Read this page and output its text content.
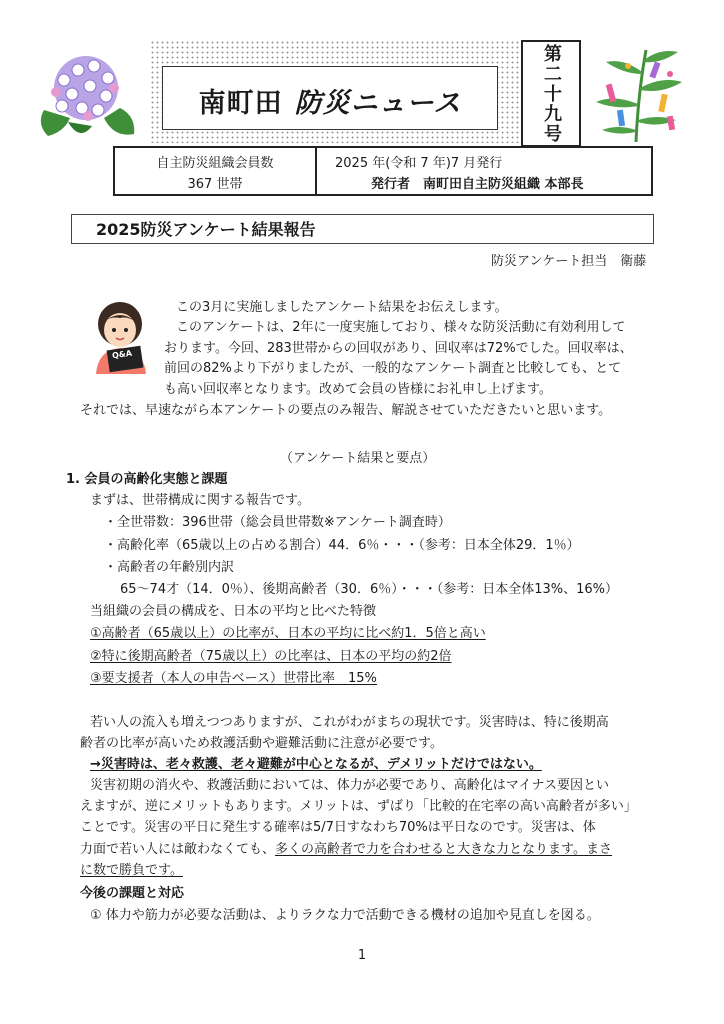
南町田 防災ニュース	第二十九号
自主防災組織会員数
367 世帯
2025 年(令和 7 年)7 月発行
発行者　南町田自主防災組織 本部長
2025防災アンケート結果報告
防災アンケート担当　衛藤
Q&A
この3月に実施しましたアンケート結果をお伝えします。
このアンケートは、2年に一度実施しており、様々な防災活動に有効利用して
おります。今回、283世帯からの回収があり、回収率は72%でした。回収率は、
前回の82%より下がりましたが、一般的なアンケート調査と比較しても、とて
も高い回収率となります。改めて会員の皆様にお礼申し上げます。
それでは、早速ながら本アンケートの要点のみ報告、解説させていただきたいと思います。
（アンケート結果と要点）
1. 会員の高齢化実態と課題
まずは、世帯構成に関する報告です。
・全世帯数：396世帯（総会員世帯数※アンケート調査時）
・高齢化率（65歳以上の占める割合）44．6％・・・（参考：日本全体29．1％）
・高齢者の年齢別内訳
65～74才（14．0％）、後期高齢者（30．6％）・・・（参考：日本全体13%、16%）
当組織の会員の構成を、日本の平均と比べた特徴
①高齢者（65歳以上）の比率が、日本の平均に比べ約1．5倍と高い
②特に後期高齢者（75歳以上）の比率は、日本の平均の約2倍
③要支援者（本人の申告ベース）世帯比率　15%
若い人の流入も増えつつありますが、これがわがまちの現状です。災害時は、特に後期高
齢者の比率が高いため救護活動や避難活動に注意が必要です。
→災害時は、老々救護、老々避難が中心となるが、デメリットだけではない。
災害初期の消火や、救護活動においては、体力が必要であり、高齢化はマイナス要因とい
えますが、逆にメリットもあります。メリットは、ずばり「比較的在宅率の高い高齢者が多い」
ことです。災害の平日に発生する確率は5/7日すなわち70%は平日なのです。災害は、体
力面で若い人には敵わなくても、多くの高齢者で力を合わせると大きな力となります。まさ
に数で勝負です。
今後の課題と対応
① 体力や筋力が必要な活動は、よりラクな力で活動できる機材の追加や見直しを図る。
1
